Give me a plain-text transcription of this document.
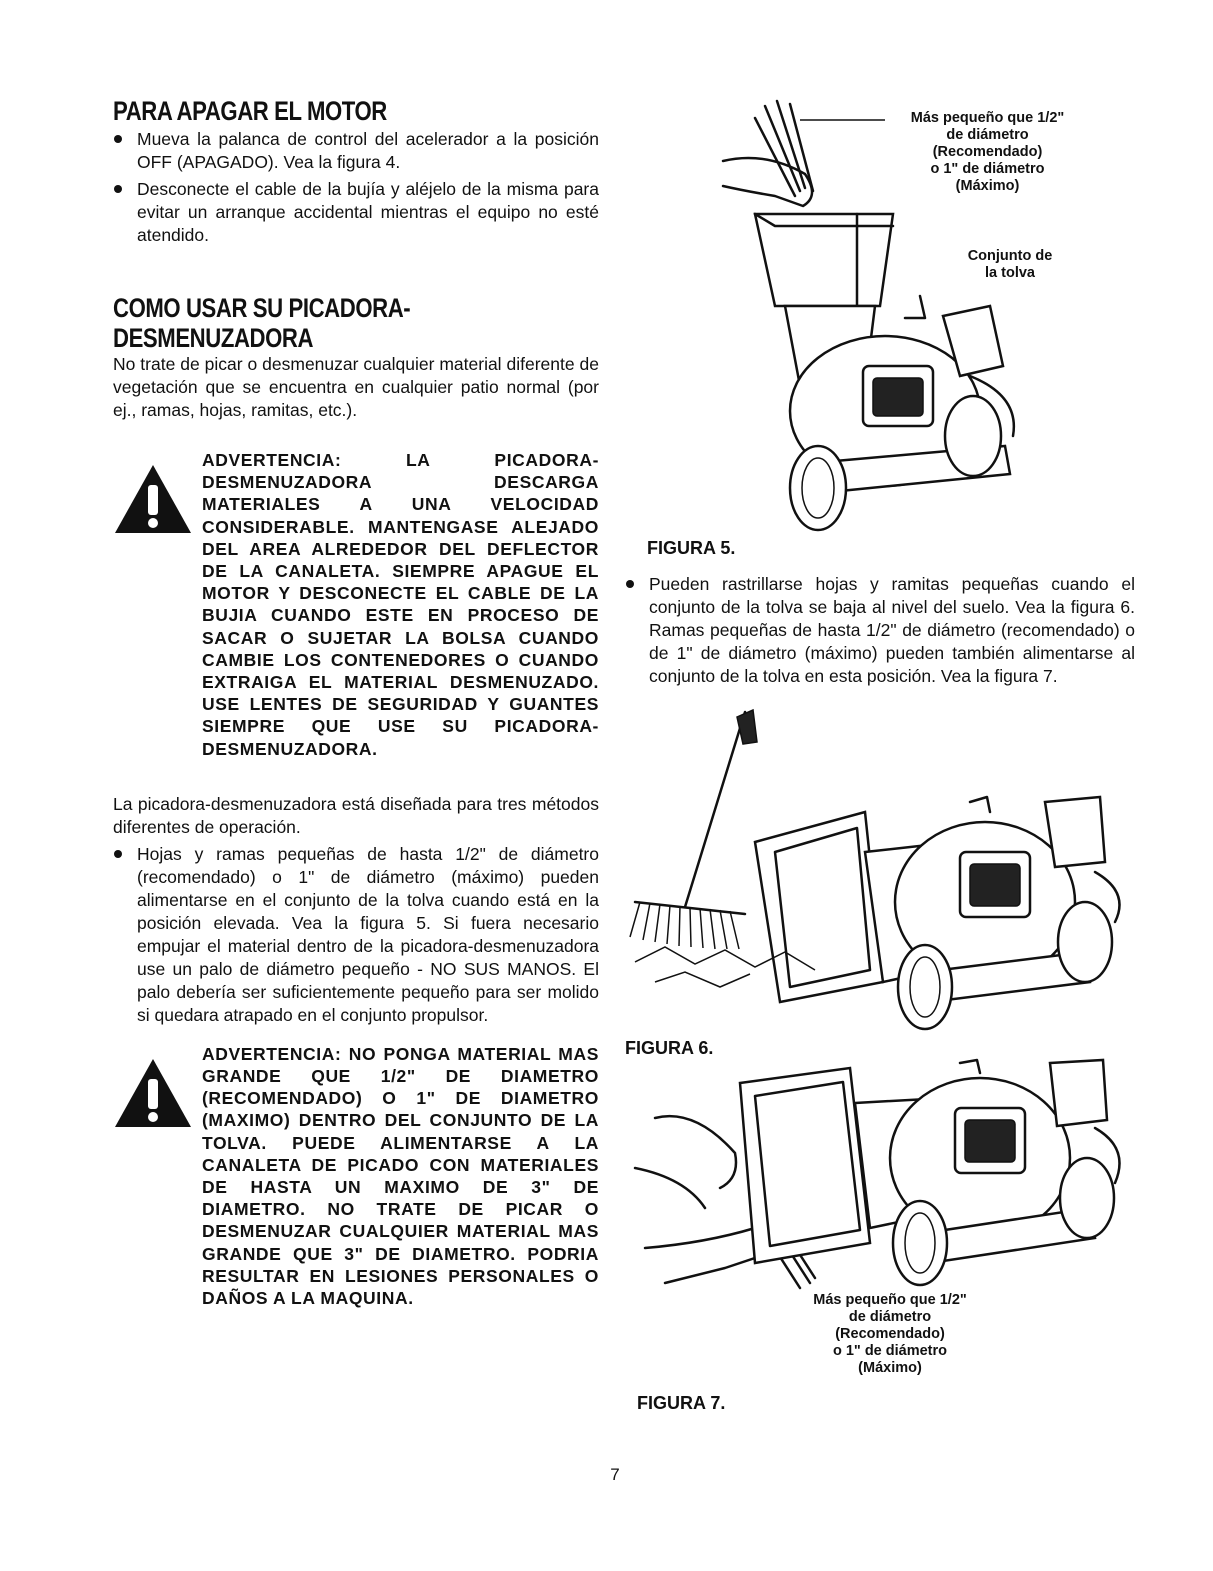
PARA APAGAR EL MOTOR
Mueva la palanca de control del acelerador a la posición OFF (APAGADO). Vea la figura 4.
Desconecte el cable de la bujía y aléjelo de la misma para evitar un arranque accidental mientras el equipo no esté atendido.
COMO USAR SU PICADORA-
DESMENUZADORA

No trate de picar o desmenuzar cualquier material diferente de vegetación que se encuentra en cualquier patio normal (por ej., ramas, hojas, ramitas, etc.).

ADVERTENCIA: LA PICADORA-DESMENUZADORA DESCARGA MATERIALES A UNA VELOCIDAD CONSIDERABLE. MANTENGASE ALEJADO DEL AREA ALREDEDOR DEL DEFLECTOR DE LA CANALETA. SIEMPRE APAGUE EL MOTOR Y DESCONECTE EL CABLE DE LA BUJIA CUANDO ESTE EN PROCESO DE SACAR O SUJETAR LA BOLSA CUANDO CAMBIE LOS CONTENEDORES O CUANDO EXTRAIGA EL MATERIAL DESMENUZADO. USE LENTES DE SEGURIDAD Y GUANTES SIEMPRE QUE USE SU PICADORA-DESMENUZADORA.

La picadora-desmenuzadora está diseñada para tres métodos diferentes de operación.

Hojas y ramas pequeñas de hasta 1/2" de diámetro (recomendado) o 1" de diámetro (máximo) pueden alimentarse en el conjunto de la tolva cuando está en la posición elevada. Vea la figura 5. Si fuera necesario empujar el material dentro de la picadora-desmenuzadora use un palo de diámetro pequeño - NO SUS MANOS. El palo debería ser suficientemente pequeño para ser molido si quedara atrapado en el conjunto propulsor.

ADVERTENCIA: NO PONGA MATERIAL MAS GRANDE QUE 1/2" DE DIAMETRO (RECOMENDADO) O 1" DE DIAMETRO (MAXIMO) DENTRO DEL CONJUNTO DE LA TOLVA. PUEDE ALIMENTARSE A LA CANALETA DE PICADO CON MATERIALES DE HASTA UN MAXIMO DE 3" DE DIAMETRO. NO TRATE DE PICAR O DESMENUZAR CUALQUIER MATERIAL MAS GRANDE QUE 3" DE DIAMETRO. PODRIA RESULTAR EN LESIONES PERSONALES O DAÑOS A LA MAQUINA.

Más pequeño que 1/2"
de diámetro
(Recomendado)
o 1" de diámetro
(Máximo)
Conjunto de
la tolva

FIGURA 5.

Pueden rastrillarse hojas y ramitas pequeñas cuando el conjunto de la tolva se baja al nivel del suelo. Vea la figura 6. Ramas pequeñas de hasta 1/2" de diámetro (recomendado) o de 1" de diámetro (máximo) pueden también alimentarse al conjunto de la tolva en esta posición. Vea la figura 7.

FIGURA 6.

Más pequeño que 1/2"
de diámetro
(Recomendado)
o 1" de diámetro
(Máximo)

FIGURA 7.

7
